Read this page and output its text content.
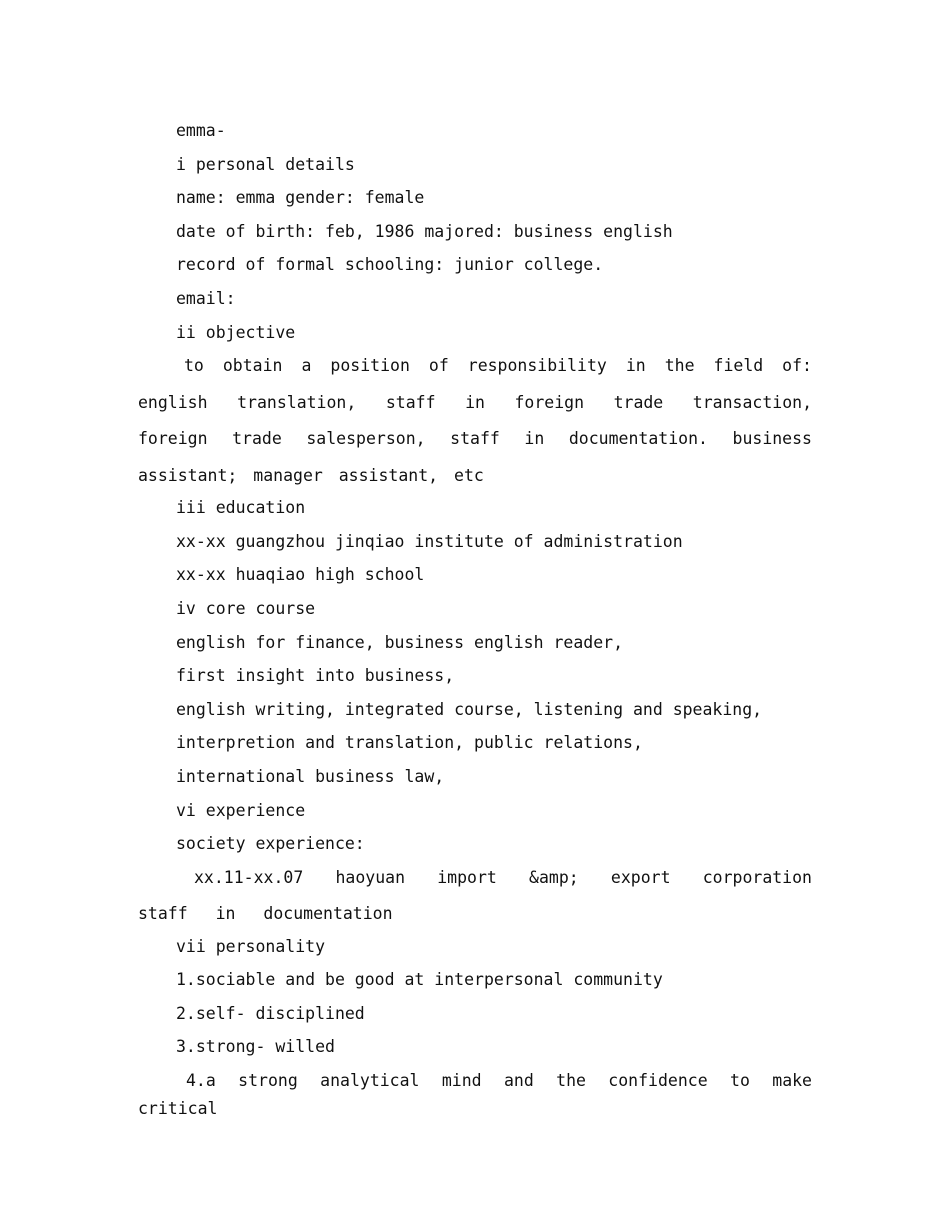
emma-
i personal details
name: emma gender: female
date of birth: feb, 1986 majored: business english
record of formal schooling: junior college.
email:
ii objective

to obtain a position of responsibility in the field of: english translation, staff in foreign trade transaction, foreign trade salesperson, staff in documentation. business assistant; manager assistant, etc

iii education
xx-xx guangzhou jinqiao institute of administration
xx-xx huaqiao high school
iv core course
english for finance, business english reader,
first insight into business,
english writing, integrated course, listening and speaking,
interpretion and translation, public relations,
international business law,
vi experience
society experience:

xx.11-xx.07 haoyuan import &amp; export corporation staff in documentation

vii personality
1.sociable and be good at interpersonal community
2.self- disciplined
3.strong- willed
4.a strong analytical mind and the confidence to make critical
